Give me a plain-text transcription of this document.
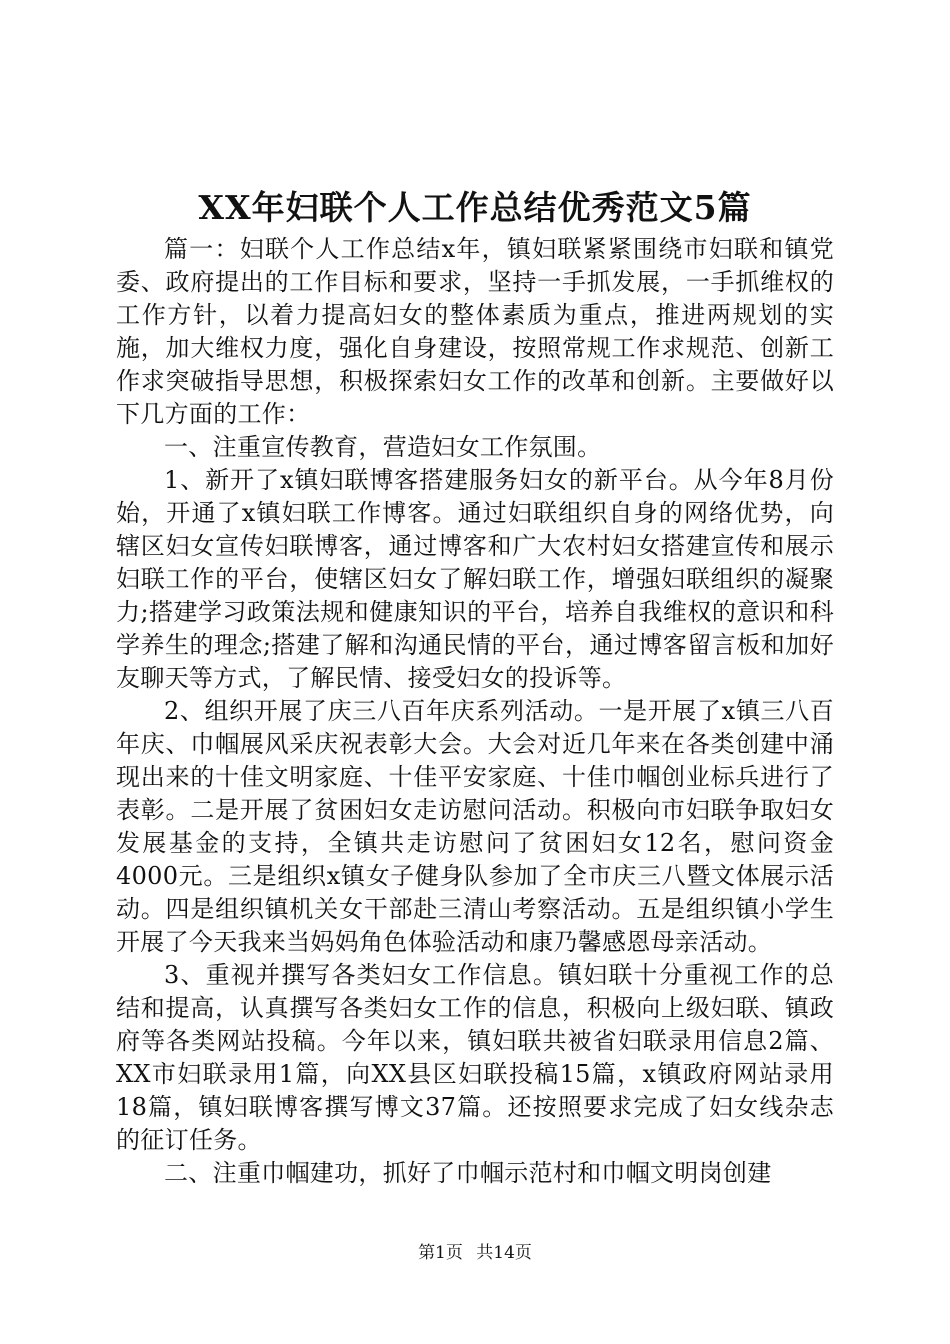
XX年妇联个人工作总结优秀范文5篇

篇一：妇联个人工作总结x年，镇妇联紧紧围绕市妇联和镇党委、政府提出的工作目标和要求，坚持一手抓发展，一手抓维权的工作方针，以着力提高妇女的整体素质为重点，推进两规划的实施，加大维权力度，强化自身建设，按照常规工作求规范、创新工作求突破指导思想，积极探索妇女工作的改革和创新。主要做好以下几方面的工作：

一、注重宣传教育，营造妇女工作氛围。

1、新开了x镇妇联博客搭建服务妇女的新平台。从今年8月份始，开通了x镇妇联工作博客。通过妇联组织自身的网络优势，向辖区妇女宣传妇联博客，通过博客和广大农村妇女搭建宣传和展示妇联工作的平台，使辖区妇女了解妇联工作，增强妇联组织的凝聚力;搭建学习政策法规和健康知识的平台，培养自我维权的意识和科学养生的理念;搭建了解和沟通民情的平台，通过博客留言板和加好友聊天等方式，了解民情、接受妇女的投诉等。

2、组织开展了庆三八百年庆系列活动。一是开展了x镇三八百年庆、巾帼展风采庆祝表彰大会。大会对近几年来在各类创建中涌现出来的十佳文明家庭、十佳平安家庭、十佳巾帼创业标兵进行了表彰。二是开展了贫困妇女走访慰问活动。积极向市妇联争取妇女发展基金的支持，全镇共走访慰问了贫困妇女12名，慰问资金4000元。三是组织x镇女子健身队参加了全市庆三八暨文体展示活动。四是组织镇机关女干部赴三清山考察活动。五是组织镇小学生开展了今天我来当妈妈角色体验活动和康乃馨感恩母亲活动。

3、重视并撰写各类妇女工作信息。镇妇联十分重视工作的总结和提高，认真撰写各类妇女工作的信息，积极向上级妇联、镇政府等各类网站投稿。今年以来，镇妇联共被省妇联录用信息2篇、XX市妇联录用1篇，向XX县区妇联投稿15篇，x镇政府网站录用18篇，镇妇联博客撰写博文37篇。还按照要求完成了妇女线杂志的征订任务。

二、注重巾帼建功，抓好了巾帼示范村和巾帼文明岗创建

第1页 共14页
